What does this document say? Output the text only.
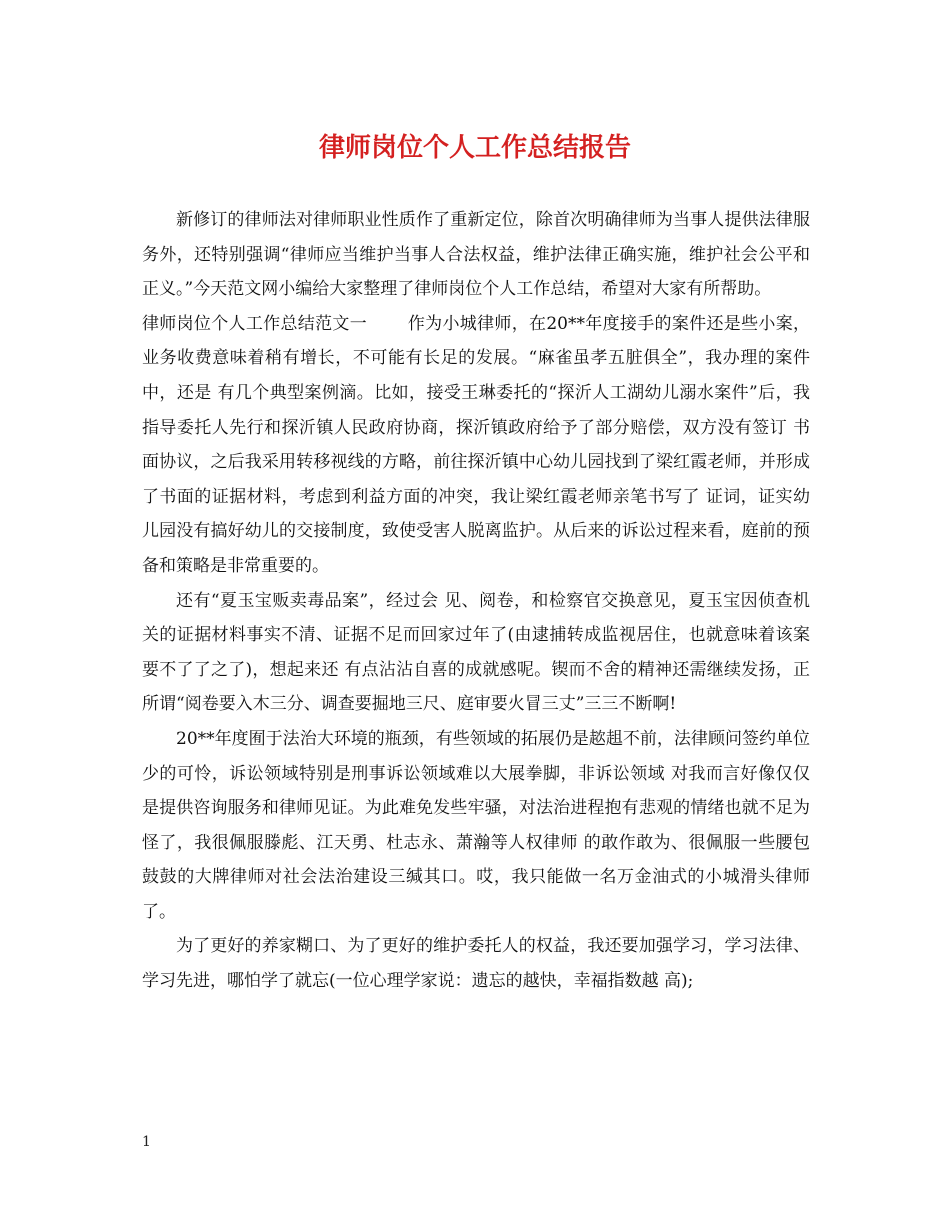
律师岗位个人工作总结报告

新修订的律师法对律师职业性质作了重新定位，除首次明确律师为当事人提供法律服务外，还特别强调“律师应当维护当事人合法权益，维护法律正确实施，维护社会公平和正义。”今天范文网小编给大家整理了律师岗位个人工作总结，希望对大家有所帮助。

律师岗位个人工作总结范文一 作为小城律师，在20**年度接手的案件还是些小案，业务收费意味着稍有增长，不可能有长足的发展。“麻雀虽孝五脏俱全”，我办理的案件中，还是 有几个典型案例滴。比如，接受王琳委托的“探沂人工湖幼儿溺水案件”后，我指导委托人先行和探沂镇人民政府协商，探沂镇政府给予了部分赔偿，双方没有签订 书面协议，之后我采用转移视线的方略，前往探沂镇中心幼儿园找到了梁红霞老师，并形成了书面的证据材料，考虑到利益方面的冲突，我让梁红霞老师亲笔书写了 证词，证实幼儿园没有搞好幼儿的交接制度，致使受害人脱离监护。从后来的诉讼过程来看，庭前的预备和策略是非常重要的。

还有“夏玉宝贩卖毒品案”，经过会 见、阅卷，和检察官交换意见，夏玉宝因侦查机关的证据材料事实不清、证据不足而回家过年了(由逮捕转成监视居住，也就意味着该案要不了了之了)，想起来还 有点沾沾自喜的成就感呢。锲而不舍的精神还需继续发扬，正所谓“阅卷要入木三分、调查要掘地三尺、庭审要火冒三丈”三三不断啊!

20**年度囿于法治大环境的瓶颈，有些领域的拓展仍是趑趄不前，法律顾问签约单位少的可怜，诉讼领域特别是刑事诉讼领域难以大展拳脚，非诉讼领域 对我而言好像仅仅是提供咨询服务和律师见证。为此难免发些牢骚，对法治进程抱有悲观的情绪也就不足为怪了，我很佩服滕彪、江天勇、杜志永、萧瀚等人权律师 的敢作敢为、很佩服一些腰包鼓鼓的大牌律师对社会法治建设三缄其口。哎，我只能做一名万金油式的小城滑头律师了。

为了更好的养家糊口、为了更好的维护委托人的权益，我还要加强学习，学习法律、学习先进，哪怕学了就忘(一位心理学家说：遗忘的越快，幸福指数越 高);

1
